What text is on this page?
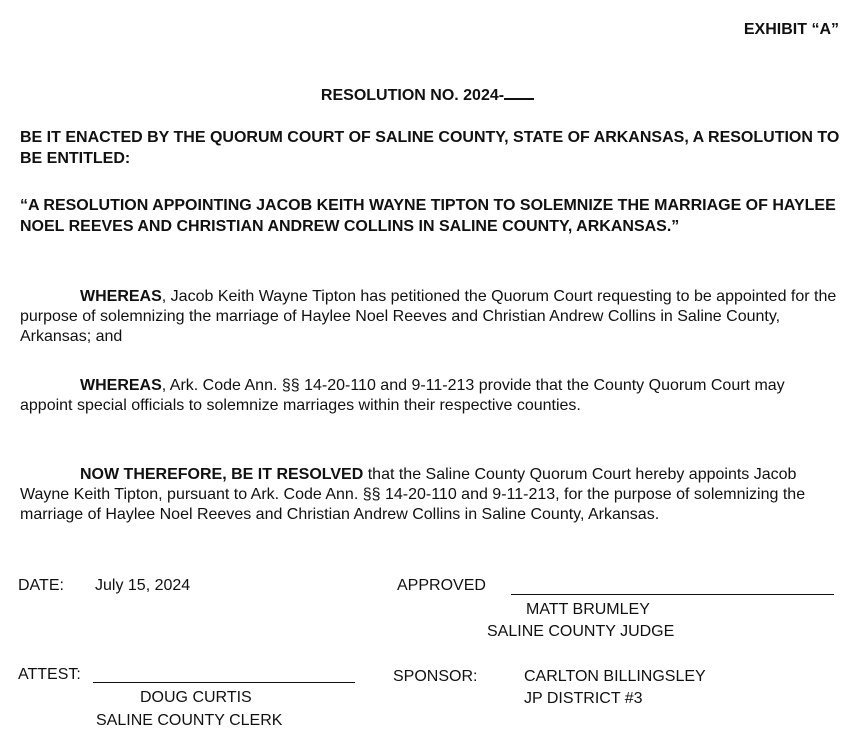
EXHIBIT “A”
RESOLUTION NO. 2024-
BE IT ENACTED BY THE QUORUM COURT OF SALINE COUNTY, STATE OF ARKANSAS, A RESOLUTION TO BE ENTITLED:
“A RESOLUTION APPOINTING JACOB KEITH WAYNE TIPTON TO SOLEMNIZE THE MARRIAGE OF HAYLEE NOEL REEVES AND CHRISTIAN ANDREW COLLINS IN SALINE COUNTY, ARKANSAS.”
WHEREAS, Jacob Keith Wayne Tipton has petitioned the Quorum Court requesting to be appointed for the purpose of solemnizing the marriage of Haylee Noel Reeves and Christian Andrew Collins in Saline County, Arkansas; and
WHEREAS, Ark. Code Ann. §§ 14-20-110 and 9-11-213 provide that the County Quorum Court may appoint special officials to solemnize marriages within their respective counties.
NOW THEREFORE, BE IT RESOLVED that the Saline County Quorum Court hereby appoints Jacob Wayne Keith Tipton, pursuant to Ark. Code Ann. §§ 14-20-110 and 9-11-213, for the purpose of solemnizing the marriage of Haylee Noel Reeves and Christian Andrew Collins in Saline County, Arkansas.
DATE: July 15, 2024	APPROVED
MATT BRUMLEY
SALINE COUNTY JUDGE
ATTEST:
DOUG CURTIS
SALINE COUNTY CLERK
SPONSOR:	CARLTON BILLINGSLEY
JP DISTRICT #3
